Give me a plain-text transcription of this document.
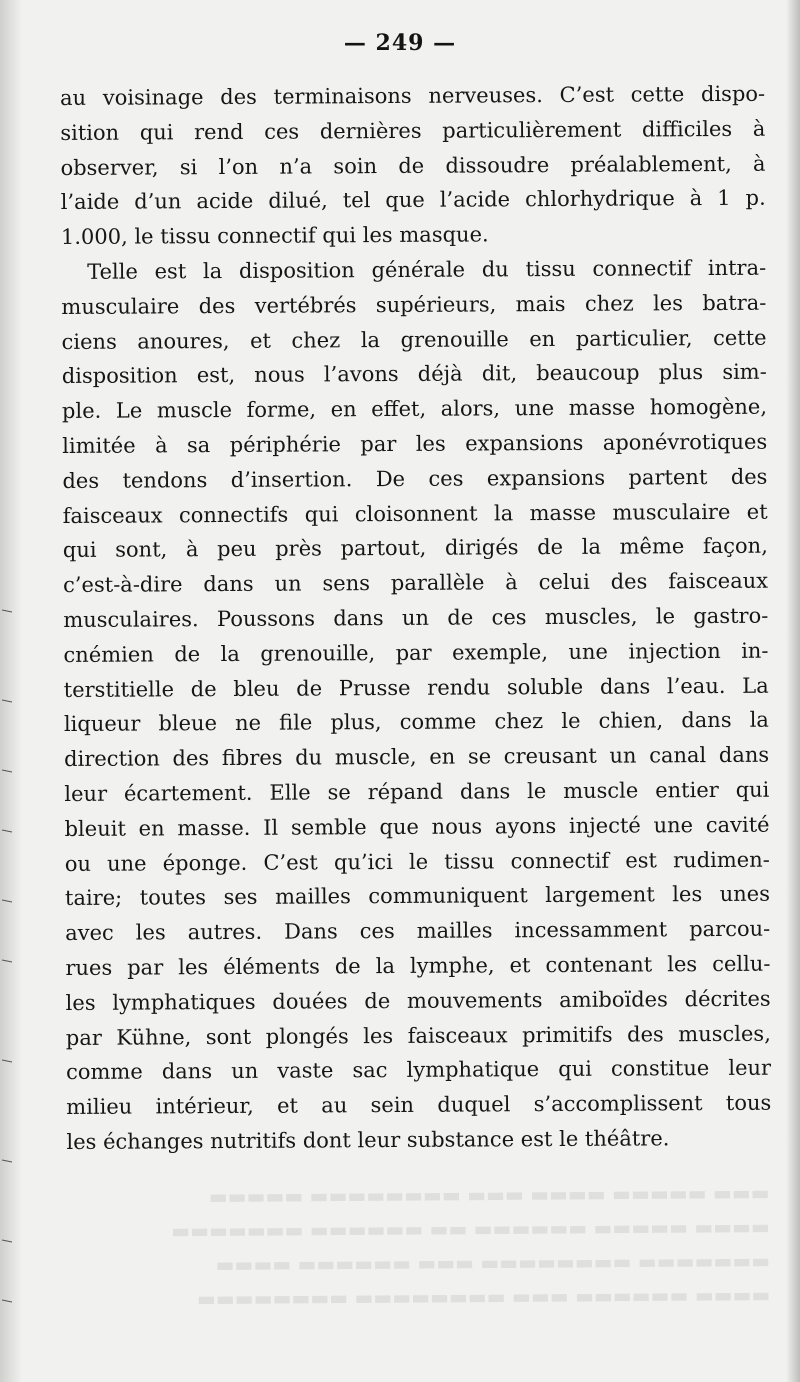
— 249 —
au voisinage des terminaisons nerveuses. C’est cette dispo-
sition qui rend ces dernières particulièrement difficiles à
observer, si l’on n’a soin de dissoudre préalablement, à
l’aide d’un acide dilué, tel que l’acide chlorhydrique à 1 p.
1.000, le tissu connectif qui les masque.
Telle est la disposition générale du tissu connectif intra-
musculaire des vertébrés supérieurs, mais chez les batra-
ciens anoures, et chez la grenouille en particulier, cette
disposition est, nous l’avons déjà dit, beaucoup plus sim-
ple. Le muscle forme, en effet, alors, une masse homogène,
limitée à sa périphérie par les expansions aponévrotiques
des tendons d’insertion. De ces expansions partent des
faisceaux connectifs qui cloisonnent la masse musculaire et
qui sont, à peu près partout, dirigés de la même façon,
c’est-à-dire dans un sens parallèle à celui des faisceaux
musculaires. Poussons dans un de ces muscles, le gastro-
cnémien de la grenouille, par exemple, une injection in-
terstitielle de bleu de Prusse rendu soluble dans l’eau. La
liqueur bleue ne file plus, comme chez le chien, dans la
direction des fibres du muscle, en se creusant un canal dans
leur écartement. Elle se répand dans le muscle entier qui
bleuit en masse. Il semble que nous ayons injecté une cavité
ou une éponge. C’est qu’ici le tissu connectif est rudimen-
taire; toutes ses mailles communiquent largement les unes
avec les autres. Dans ces mailles incessamment parcou-
rues par les éléments de la lymphe, et contenant les cellu-
les lymphatiques douées de mouvements amiboïdes décrites
par Kühne, sont plongés les faisceaux primitifs des muscles,
comme dans un vaste sac lymphatique qui constitue leur
milieu intérieur, et au sein duquel s’accomplissent tous
les échanges nutritifs dont leur substance est le théâtre.
▬▬▬ ▬▬▬▬▬ ▬▬▬▬ ▬▬▬ ▬▬▬▬▬▬▬▬ ▬▬▬▬▬
▬▬▬▬ ▬▬▬▬▬ ▬▬▬▬▬▬ ▬▬ ▬▬▬▬▬▬ ▬▬▬▬▬▬▬
▬▬▬▬▬▬▬ ▬▬▬▬▬▬▬▬ ▬▬▬ ▬▬▬▬▬▬ ▬▬▬▬
▬▬▬▬ ▬▬▬▬▬▬ ▬▬▬ ▬▬▬▬▬▬▬▬ ▬▬▬▬▬▬▬▬
